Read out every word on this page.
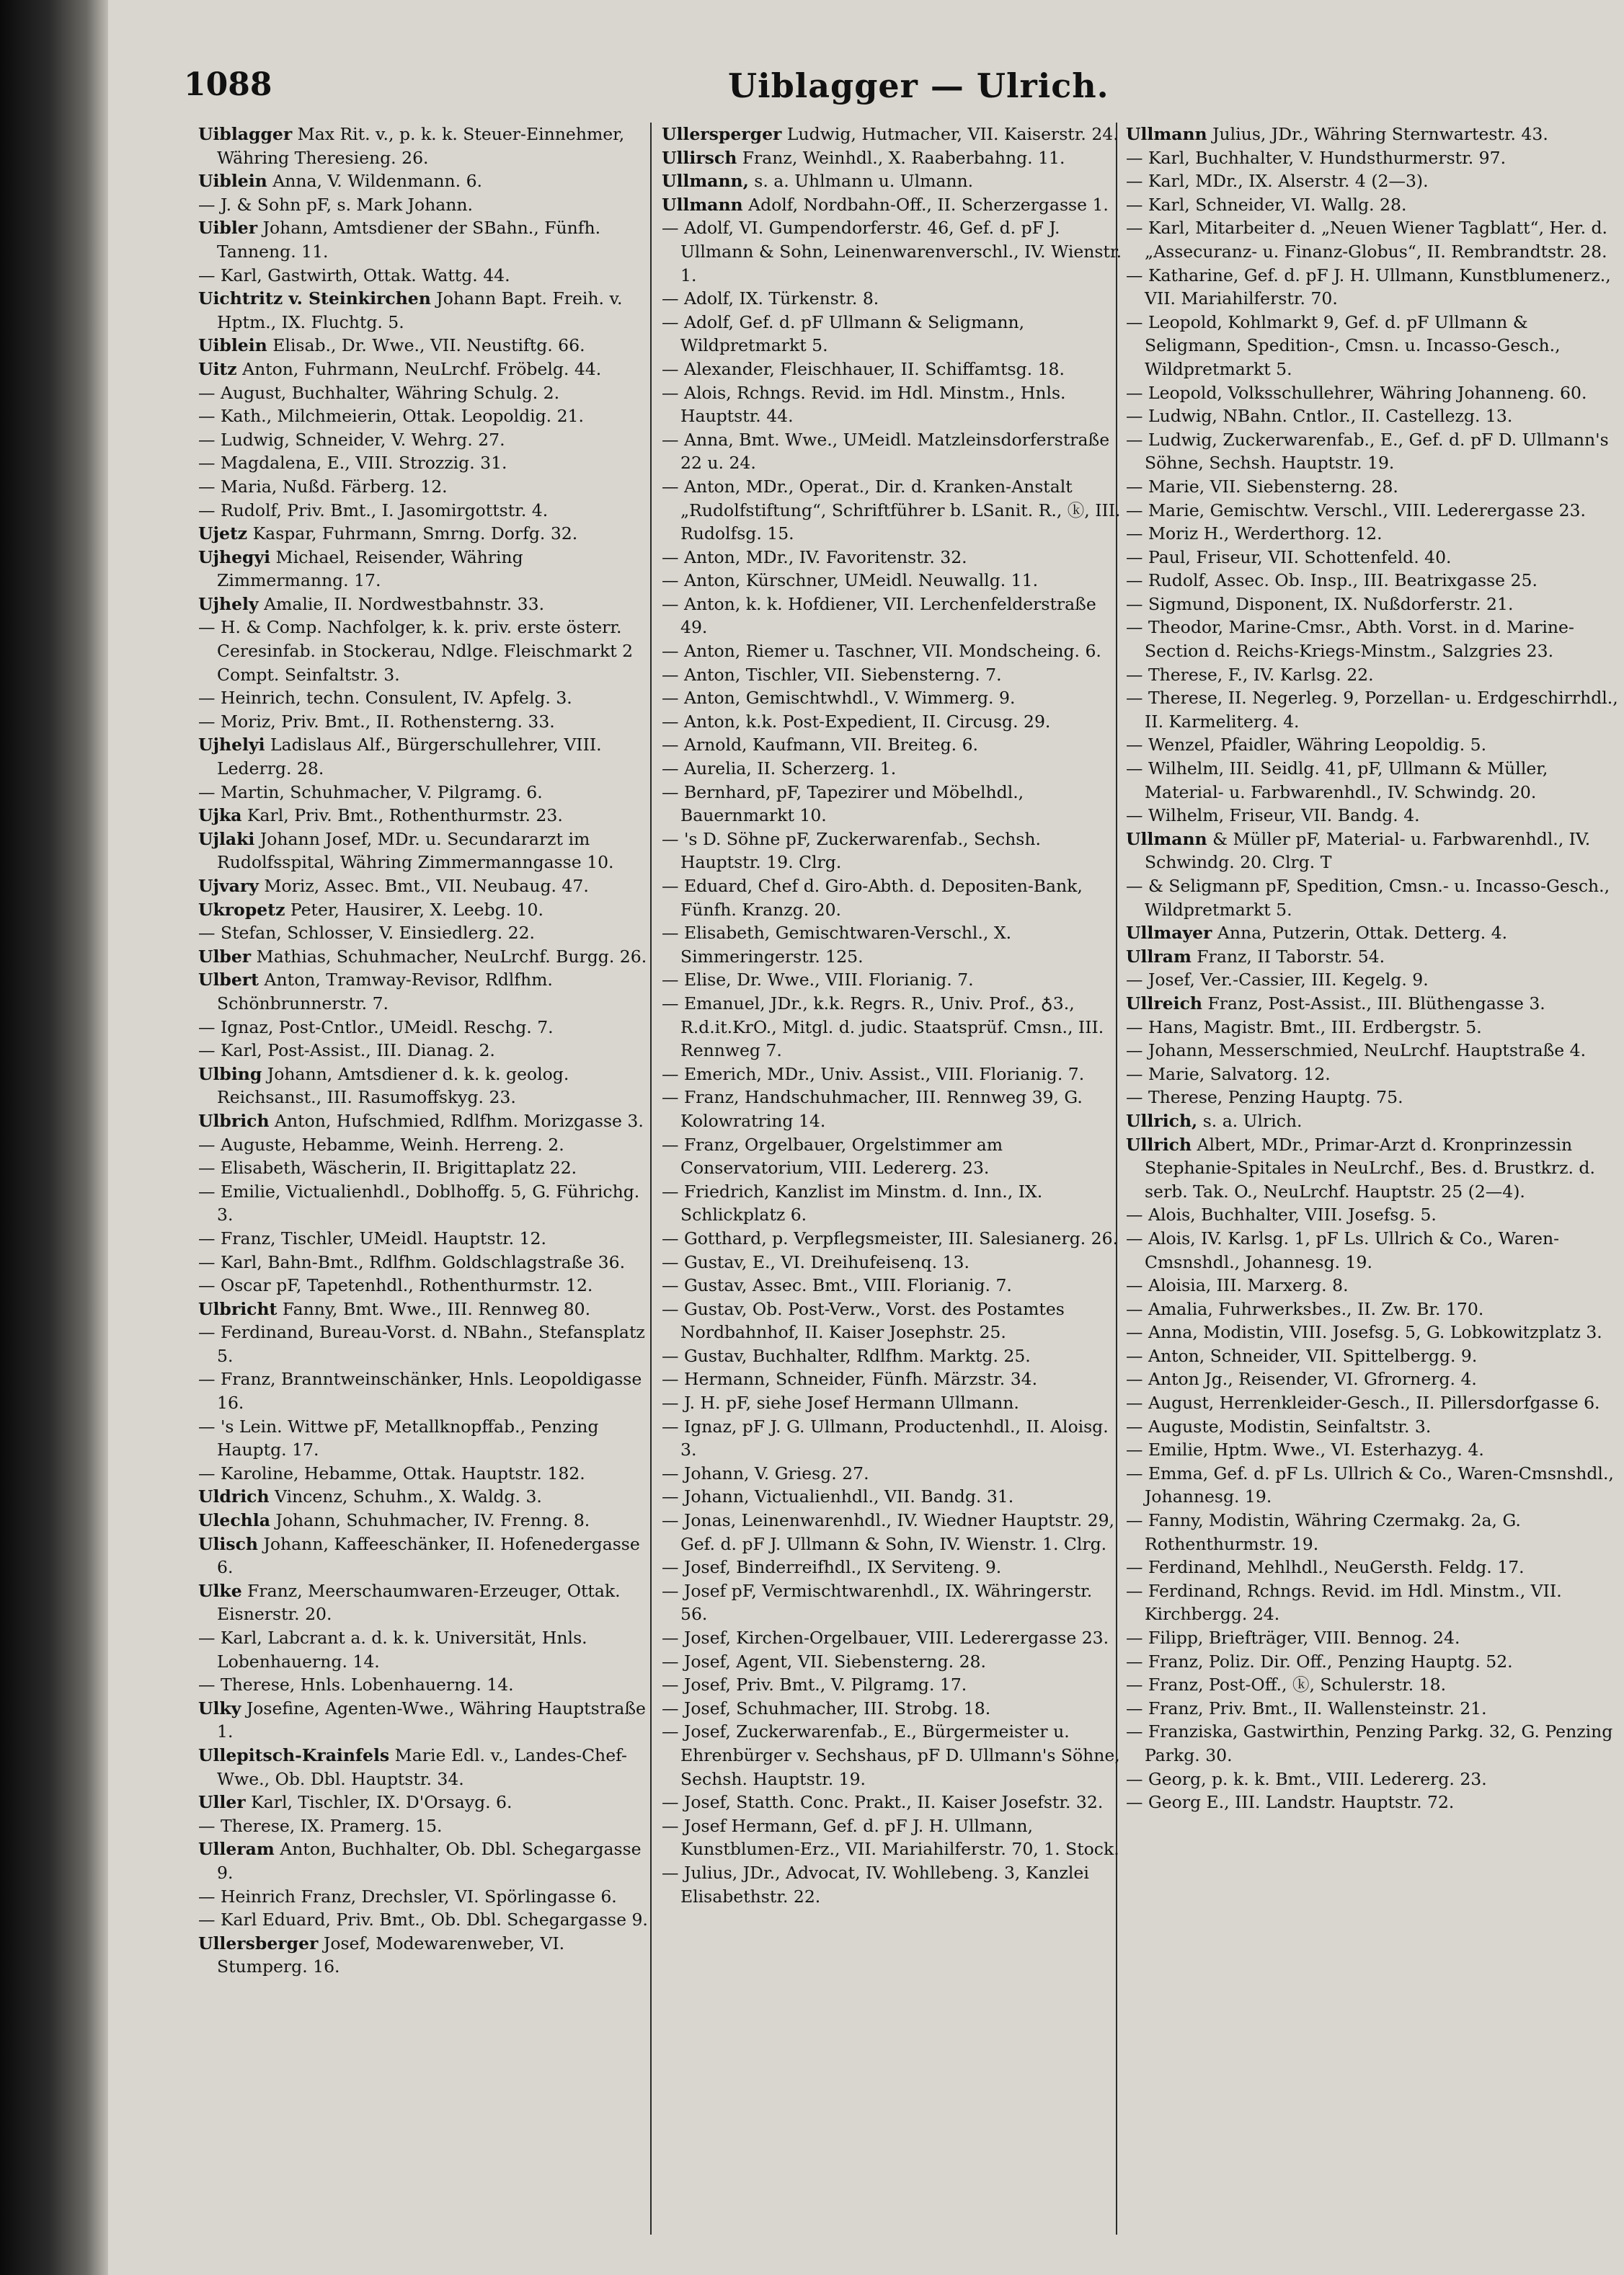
1088	Uiblagger — Ulrich.

Uiblagger Max Rit. v., p. k. k. Steuer-Einnehmer, Währing Theresieng. 26.

Uiblein Anna, V. Wildenmann. 6.

— J. & Sohn pF, s. Mark Johann.

Uibler Johann, Amtsdiener der SBahn., Fünfh. Tanneng. 11.

— Karl, Gastwirth, Ottak. Wattg. 44.

Uichtritz v. Steinkirchen Johann Bapt. Freih. v. Hptm., IX. Fluchtg. 5.

Uiblein Elisab., Dr. Wwe., VII. Neustiftg. 66.

Uitz Anton, Fuhrmann, NeuLrchf. Fröbelg. 44.

— August, Buchhalter, Währing Schulg. 2.

— Kath., Milchmeierin, Ottak. Leopoldig. 21.

— Ludwig, Schneider, V. Wehrg. 27.

— Magdalena, E., VIII. Strozzig. 31.

— Maria, Nußd. Färberg. 12.

— Rudolf, Priv. Bmt., I. Jasomirgottstr. 4.

Ujetz Kaspar, Fuhrmann, Smrng. Dorfg. 32.

Ujhegyi Michael, Reisender, Währing Zimmermanng. 17.

Ujhely Amalie, II. Nordwestbahnstr. 33.

— H. & Comp. Nachfolger, k. k. priv. erste österr. Ceresinfab. in Stockerau, Ndlge. Fleischmarkt 2 Compt. Seinfaltstr. 3.

— Heinrich, techn. Consulent, IV. Apfelg. 3.

— Moriz, Priv. Bmt., II. Rothensterng. 33.

Ujhelyi Ladislaus Alf., Bürgerschullehrer, VIII. Lederrg. 28.

— Martin, Schuhmacher, V. Pilgramg. 6.

Ujka Karl, Priv. Bmt., Rothenthurmstr. 23.

Ujlaki Johann Josef, MDr. u. Secundararzt im Rudolfsspital, Währing Zimmermanngasse 10.

Ujvary Moriz, Assec. Bmt., VII. Neubaug. 47.

Ukropetz Peter, Hausirer, X. Leebg. 10.

— Stefan, Schlosser, V. Einsiedlerg. 22.

Ulber Mathias, Schuhmacher, NeuLrchf. Burgg. 26.

Ulbert Anton, Tramway-Revisor, Rdlfhm. Schönbrunnerstr. 7.

— Ignaz, Post-Cntlor., UMeidl. Reschg. 7.

— Karl, Post-Assist., III. Dianag. 2.

Ulbing Johann, Amtsdiener d. k. k. geolog. Reichsanst., III. Rasumoffskyg. 23.

Ulbrich Anton, Hufschmied, Rdlfhm. Morizgasse 3.

— Auguste, Hebamme, Weinh. Herreng. 2.

— Elisabeth, Wäscherin, II. Brigittaplatz 22.

— Emilie, Victualienhdl., Doblhoffg. 5, G. Führichg. 3.

— Franz, Tischler, UMeidl. Hauptstr. 12.

— Karl, Bahn-Bmt., Rdlfhm. Goldschlagstraße 36.

— Oscar pF, Tapetenhdl., Rothenthurmstr. 12.

Ulbricht Fanny, Bmt. Wwe., III. Rennweg 80.

— Ferdinand, Bureau-Vorst. d. NBahn., Stefansplatz 5.

— Franz, Branntweinschänker, Hnls. Leopoldigasse 16.

— 's Lein. Wittwe pF, Metallknopffab., Penzing Hauptg. 17.

— Karoline, Hebamme, Ottak. Hauptstr. 182.

Uldrich Vincenz, Schuhm., X. Waldg. 3.

Ulechla Johann, Schuhmacher, IV. Frenng. 8.

Ulisch Johann, Kaffeeschänker, II. Hofenedergasse 6.

Ulke Franz, Meerschaumwaren-Erzeuger, Ottak. Eisnerstr. 20.

— Karl, Labcrant a. d. k. k. Universität, Hnls. Lobenhauerng. 14.

— Therese, Hnls. Lobenhauerng. 14.

Ulky Josefine, Agenten-Wwe., Währing Hauptstraße 1.

Ullepitsch-Krainfels Marie Edl. v., Landes-Chef-Wwe., Ob. Dbl. Hauptstr. 34.

Uller Karl, Tischler, IX. D'Orsayg. 6.

— Therese, IX. Pramerg. 15.

Ulleram Anton, Buchhalter, Ob. Dbl. Schegargasse 9.

— Heinrich Franz, Drechsler, VI. Spörlingasse 6.

— Karl Eduard, Priv. Bmt., Ob. Dbl. Schegargasse 9.

Ullersberger Josef, Modewarenweber, VI. Stumperg. 16.

Ullersperger Ludwig, Hutmacher, VII. Kaiserstr. 24.

Ullirsch Franz, Weinhdl., X. Raaberbahng. 11.

Ullmann, s. a. Uhlmann u. Ulmann.

Ullmann Adolf, Nordbahn-Off., II. Scherzergasse 1.

— Adolf, VI. Gumpendorferstr. 46, Gef. d. pF J. Ullmann & Sohn, Leinenwarenverschl., IV. Wienstr. 1.

— Adolf, IX. Türkenstr. 8.

— Adolf, Gef. d. pF Ullmann & Seligmann, Wildpretmarkt 5.

— Alexander, Fleischhauer, II. Schiffamtsg. 18.

— Alois, Rchngs. Revid. im Hdl. Minstm., Hnls. Hauptstr. 44.

— Anna, Bmt. Wwe., UMeidl. Matzleinsdorferstraße 22 u. 24.

— Anton, MDr., Operat., Dir. d. Kranken-Anstalt „Rudolfstiftung“, Schriftführer b. LSanit. R., ⓚ, III. Rudolfsg. 15.

— Anton, MDr., IV. Favoritenstr. 32.

— Anton, Kürschner, UMeidl. Neuwallg. 11.

— Anton, k. k. Hofdiener, VII. Lerchenfelderstraße 49.

— Anton, Riemer u. Taschner, VII. Mondscheing. 6.

— Anton, Tischler, VII. Siebensterng. 7.

— Anton, Gemischtwhdl., V. Wimmerg. 9.

— Anton, k.k. Post-Expedient, II. Circusg. 29.

— Arnold, Kaufmann, VII. Breiteg. 6.

— Aurelia, II. Scherzerg. 1.

— Bernhard, pF, Tapezirer und Möbelhdl., Bauernmarkt 10.

— 's D. Söhne pF, Zuckerwarenfab., Sechsh. Hauptstr. 19. Clrg.

— Eduard, Chef d. Giro-Abth. d. Depositen-Bank, Fünfh. Kranzg. 20.

— Elisabeth, Gemischtwaren-Verschl., X. Simmeringerstr. 125.

— Elise, Dr. Wwe., VIII. Florianig. 7.

— Emanuel, JDr., k.k. Regrs. R., Univ. Prof., ♁3., R.d.it.KrO., Mitgl. d. judic. Staatsprüf. Cmsn., III. Rennweg 7.

— Emerich, MDr., Univ. Assist., VIII. Florianig. 7.

— Franz, Handschuhmacher, III. Rennweg 39, G. Kolowratring 14.

— Franz, Orgelbauer, Orgelstimmer am Conservatorium, VIII. Ledererg. 23.

— Friedrich, Kanzlist im Minstm. d. Inn., IX. Schlickplatz 6.

— Gotthard, p. Verpflegsmeister, III. Salesianerg. 26.

— Gustav, E., VI. Dreihufeisenq. 13.

— Gustav, Assec. Bmt., VIII. Florianig. 7.

— Gustav, Ob. Post-Verw., Vorst. des Postamtes Nordbahnhof, II. Kaiser Josephstr. 25.

— Gustav, Buchhalter, Rdlfhm. Marktg. 25.

— Hermann, Schneider, Fünfh. Märzstr. 34.

— J. H. pF, siehe Josef Hermann Ullmann.

— Ignaz, pF J. G. Ullmann, Productenhdl., II. Aloisg. 3.

— Johann, V. Griesg. 27.

— Johann, Victualienhdl., VII. Bandg. 31.

— Jonas, Leinenwarenhdl., IV. Wiedner Hauptstr. 29, Gef. d. pF J. Ullmann & Sohn, IV. Wienstr. 1. Clrg.

— Josef, Binderreifhdl., IX Serviteng. 9.

— Josef pF, Vermischtwarenhdl., IX. Währingerstr. 56.

— Josef, Kirchen-Orgelbauer, VIII. Lederergasse 23.

— Josef, Agent, VII. Siebensterng. 28.

— Josef, Priv. Bmt., V. Pilgramg. 17.

— Josef, Schuhmacher, III. Strobg. 18.

— Josef, Zuckerwarenfab., E., Bürgermeister u. Ehrenbürger v. Sechshaus, pF D. Ullmann's Söhne, Sechsh. Hauptstr. 19.

— Josef, Statth. Conc. Prakt., II. Kaiser Josefstr. 32.

— Josef Hermann, Gef. d. pF J. H. Ullmann, Kunstblumen-Erz., VII. Mariahilferstr. 70, 1. Stock.

— Julius, JDr., Advocat, IV. Wohllebeng. 3, Kanzlei Elisabethstr. 22.

Ullmann Julius, JDr., Währing Sternwartestr. 43.

— Karl, Buchhalter, V. Hundsthurmerstr. 97.

— Karl, MDr., IX. Alserstr. 4 (2—3).

— Karl, Schneider, VI. Wallg. 28.

— Karl, Mitarbeiter d. „Neuen Wiener Tagblatt“, Her. d. „Assecuranz- u. Finanz-Globus“, II. Rembrandtstr. 28.

— Katharine, Gef. d. pF J. H. Ullmann, Kunstblumenerz., VII. Mariahilferstr. 70.

— Leopold, Kohlmarkt 9, Gef. d. pF Ullmann & Seligmann, Spedition-, Cmsn. u. Incasso-Gesch., Wildpretmarkt 5.

— Leopold, Volksschullehrer, Währing Johanneng. 60.

— Ludwig, NBahn. Cntlor., II. Castellezg. 13.

— Ludwig, Zuckerwarenfab., E., Gef. d. pF D. Ullmann's Söhne, Sechsh. Hauptstr. 19.

— Marie, VII. Siebensterng. 28.

— Marie, Gemischtw. Verschl., VIII. Lederergasse 23.

— Moriz H., Werderthorg. 12.

— Paul, Friseur, VII. Schottenfeld. 40.

— Rudolf, Assec. Ob. Insp., III. Beatrixgasse 25.

— Sigmund, Disponent, IX. Nußdorferstr. 21.

— Theodor, Marine-Cmsr., Abth. Vorst. in d. Marine-Section d. Reichs-Kriegs-Minstm., Salzgries 23.

— Therese, F., IV. Karlsg. 22.

— Therese, II. Negerleg. 9, Porzellan- u. Erdgeschirrhdl., II. Karmeliterg. 4.

— Wenzel, Pfaidler, Währing Leopoldig. 5.

— Wilhelm, III. Seidlg. 41, pF, Ullmann & Müller, Material- u. Farbwarenhdl., IV. Schwindg. 20.

— Wilhelm, Friseur, VII. Bandg. 4.

Ullmann & Müller pF, Material- u. Farbwarenhdl., IV. Schwindg. 20. Clrg. T

— & Seligmann pF, Spedition, Cmsn.- u. Incasso-Gesch., Wildpretmarkt 5.

Ullmayer Anna, Putzerin, Ottak. Detterg. 4.

Ullram Franz, II Taborstr. 54.

— Josef, Ver.-Cassier, III. Kegelg. 9.

Ullreich Franz, Post-Assist., III. Blüthengasse 3.

— Hans, Magistr. Bmt., III. Erdbergstr. 5.

— Johann, Messerschmied, NeuLrchf. Hauptstraße 4.

— Marie, Salvatorg. 12.

— Therese, Penzing Hauptg. 75.

Ullrich, s. a. Ulrich.

Ullrich Albert, MDr., Primar-Arzt d. Kronprinzessin Stephanie-Spitales in NeuLrchf., Bes. d. Brustkrz. d. serb. Tak. O., NeuLrchf. Hauptstr. 25 (2—4).

— Alois, Buchhalter, VIII. Josefsg. 5.

— Alois, IV. Karlsg. 1, pF Ls. Ullrich & Co., Waren-Cmsnshdl., Johannesg. 19.

— Aloisia, III. Marxerg. 8.

— Amalia, Fuhrwerksbes., II. Zw. Br. 170.

— Anna, Modistin, VIII. Josefsg. 5, G. Lobkowitzplatz 3.

— Anton, Schneider, VII. Spittelbergg. 9.

— Anton Jg., Reisender, VI. Gfrornerg. 4.

— August, Herrenkleider-Gesch., II. Pillersdorfgasse 6.

— Auguste, Modistin, Seinfaltstr. 3.

— Emilie, Hptm. Wwe., VI. Esterhazyg. 4.

— Emma, Gef. d. pF Ls. Ullrich & Co., Waren-Cmsnshdl., Johannesg. 19.

— Fanny, Modistin, Währing Czermakg. 2a, G. Rothenthurmstr. 19.

— Ferdinand, Mehlhdl., NeuGersth. Feldg. 17.

— Ferdinand, Rchngs. Revid. im Hdl. Minstm., VII. Kirchbergg. 24.

— Filipp, Briefträger, VIII. Bennog. 24.

— Franz, Poliz. Dir. Off., Penzing Hauptg. 52.

— Franz, Post-Off., ⓚ, Schulerstr. 18.

— Franz, Priv. Bmt., II. Wallensteinstr. 21.

— Franziska, Gastwirthin, Penzing Parkg. 32, G. Penzing Parkg. 30.

— Georg, p. k. k. Bmt., VIII. Ledererg. 23.

— Georg E., III. Landstr. Hauptstr. 72.
